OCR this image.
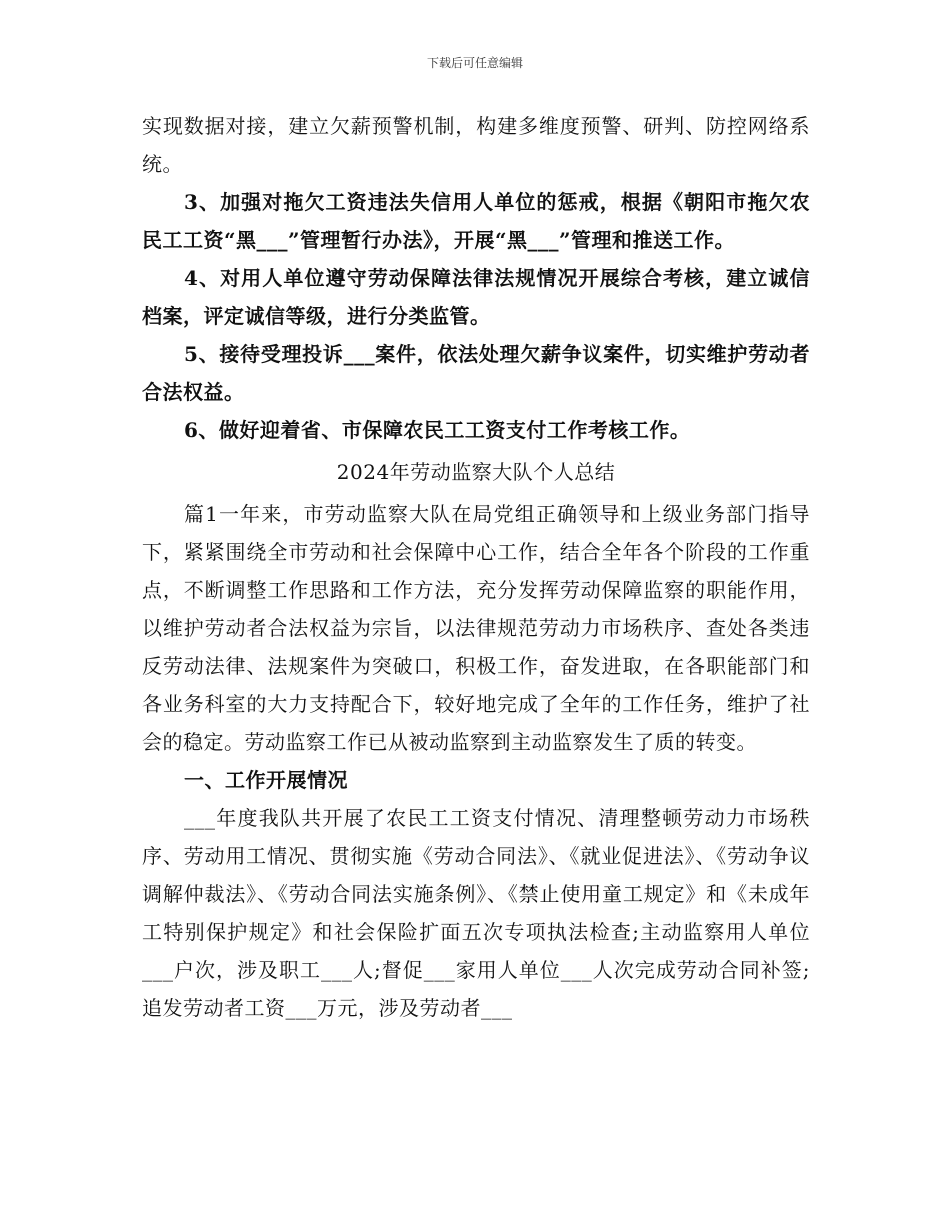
下载后可任意编辑

实现数据对接，建立欠薪预警机制，构建多维度预警、研判、防控网络系统。

3、加强对拖欠工资违法失信用人单位的惩戒，根据《朝阳市拖欠农民工工资“黑___”管理暂行办法》，开展“黑___”管理和推送工作。

4、对用人单位遵守劳动保障法律法规情况开展综合考核，建立诚信档案，评定诚信等级，进行分类监管。

5、接待受理投诉___案件，依法处理欠薪争议案件，切实维护劳动者合法权益。

6、做好迎着省、市保障农民工工资支付工作考核工作。

2024年劳动监察大队个人总结

篇1一年来，市劳动监察大队在局党组正确领导和上级业务部门指导下，紧紧围绕全市劳动和社会保障中心工作，结合全年各个阶段的工作重点，不断调整工作思路和工作方法，充分发挥劳动保障监察的职能作用，以维护劳动者合法权益为宗旨，以法律规范劳动力市场秩序、查处各类违反劳动法律、法规案件为突破口，积极工作，奋发进取，在各职能部门和各业务科室的大力支持配合下，较好地完成了全年的工作任务，维护了社会的稳定。劳动监察工作已从被动监察到主动监察发生了质的转变。

一、工作开展情况

___年度我队共开展了农民工工资支付情况、清理整顿劳动力市场秩序、劳动用工情况、贯彻实施《劳动合同法》、《就业促进法》、《劳动争议调解仲裁法》、《劳动合同法实施条例》、《禁止使用童工规定》和《未成年工特别保护规定》和社会保险扩面五次专项执法检查;主动监察用人单位___户次，涉及职工___人;督促___家用人单位___人次完成劳动合同补签;追发劳动者工资___万元，涉及劳动者___
